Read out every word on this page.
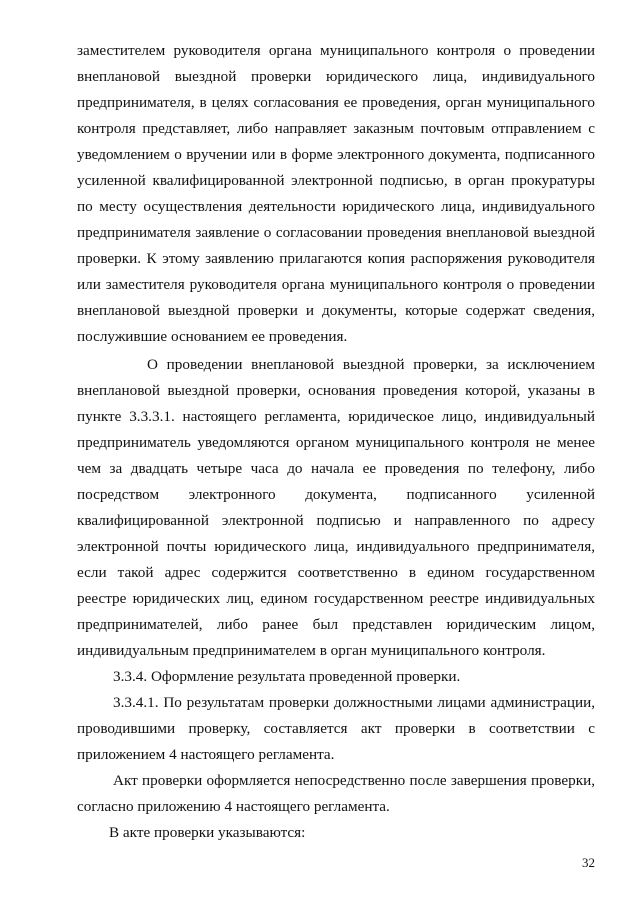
заместителем руководителя органа муниципального контроля о проведении внеплановой выездной проверки юридического лица, индивидуального предпринимателя, в целях согласования ее проведения, орган муниципального контроля представляет, либо направляет заказным почтовым отправлением с уведомлением о вручении или в форме электронного документа, подписанного усиленной квалифицированной электронной подписью, в орган прокуратуры по месту осуществления деятельности юридического лица, индивидуального предпринимателя заявление о согласовании проведения внеплановой выездной проверки. К этому заявлению прилагаются копия распоряжения руководителя или заместителя руководителя органа муниципального контроля о проведении внеплановой выездной проверки и документы, которые содержат сведения, послужившие основанием ее проведения.

О проведении внеплановой выездной проверки, за исключением внеплановой выездной проверки, основания проведения которой, указаны в пункте 3.3.3.1. настоящего регламента, юридическое лицо, индивидуальный предприниматель уведомляются органом муниципального контроля не менее чем за двадцать четыре часа до начала ее проведения по телефону, либо посредством электронного документа, подписанного усиленной квалифицированной электронной подписью и направленного по адресу электронной почты юридического лица, индивидуального предпринимателя, если такой адрес содержится соответственно в едином государственном реестре юридических лиц, едином государственном реестре индивидуальных предпринимателей, либо ранее был представлен юридическим лицом, индивидуальным предпринимателем в орган муниципального контроля.

3.3.4. Оформление результата проведенной проверки.

3.3.4.1. По результатам проверки должностными лицами администрации, проводившими проверку, составляется акт проверки в соответствии с приложением 4 настоящего регламента.

Акт проверки оформляется непосредственно после завершения проверки, согласно приложению 4 настоящего регламента.

В акте проверки указываются:

32
